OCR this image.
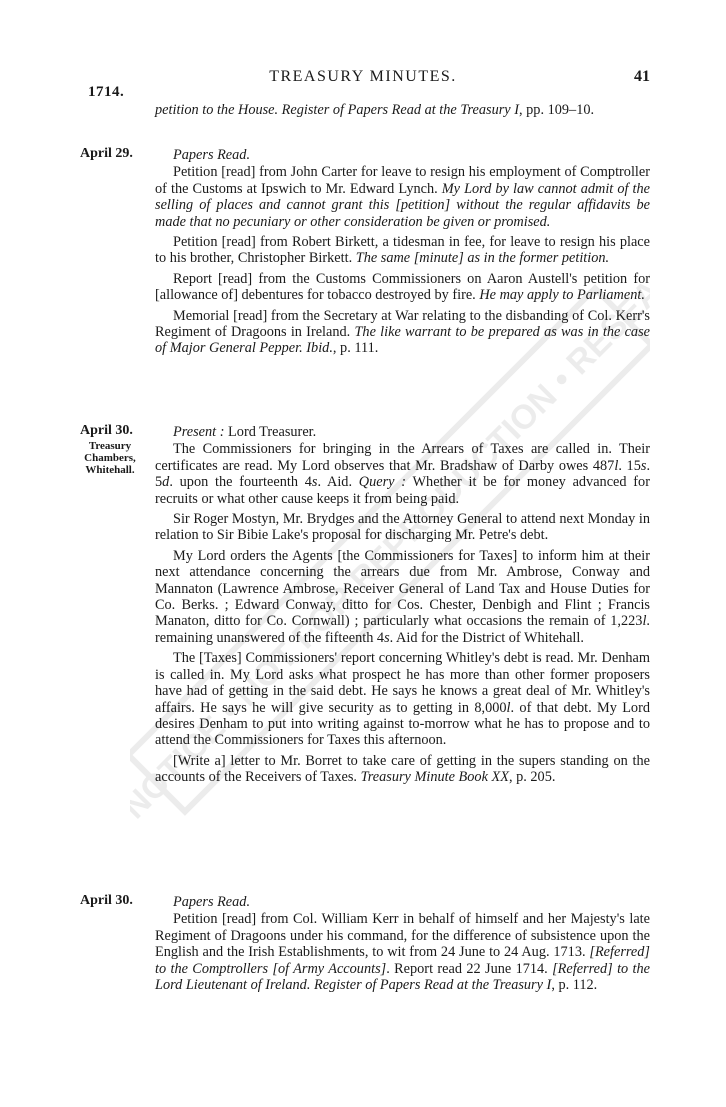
ENT NOTICE • NOT FOR REPRODUCTION • RESEARCH
1714.
TREASURY MINUTES.	41

petition to the House. Register of Papers Read at the Treasury I, pp. 109–10.

April 29.	Papers Read.

Petition [read] from John Carter for leave to resign his employment of Comptroller of the Customs at Ipswich to Mr. Edward Lynch. My Lord by law cannot admit of the selling of places and cannot grant this [petition] without the regular affidavits be made that no pecuniary or other consideration be given or promised.

Petition [read] from Robert Birkett, a tidesman in fee, for leave to resign his place to his brother, Christopher Birkett. The same [minute] as in the former petition.

Report [read] from the Customs Commissioners on Aaron Austell's petition for [allowance of] debentures for tobacco destroyed by fire. He may apply to Parliament.

Memorial [read] from the Secretary at War relating to the disbanding of Col. Kerr's Regiment of Dragoons in Ireland. The like warrant to be prepared as was in the case of Major General Pepper. Ibid., p. 111.

April 30.
Treasury Chambers, Whitehall.

Present : Lord Treasurer.

The Commissioners for bringing in the Arrears of Taxes are called in. Their certificates are read. My Lord observes that Mr. Bradshaw of Darby owes 487l. 15s. 5d. upon the fourteenth 4s. Aid. Query : Whether it be for money advanced for recruits or what other cause keeps it from being paid.

Sir Roger Mostyn, Mr. Brydges and the Attorney General to attend next Monday in relation to Sir Bibie Lake's proposal for discharging Mr. Petre's debt.

My Lord orders the Agents [the Commissioners for Taxes] to inform him at their next attendance concerning the arrears due from Mr. Ambrose, Conway and Mannaton (Lawrence Ambrose, Receiver General of Land Tax and House Duties for Co. Berks. ; Edward Conway, ditto for Cos. Chester, Denbigh and Flint ; Francis Manaton, ditto for Co. Cornwall) ; particularly what occasions the remain of 1,223l. remaining unanswered of the fifteenth 4s. Aid for the District of Whitehall.

The [Taxes] Commissioners' report concerning Whitley's debt is read. Mr. Denham is called in. My Lord asks what prospect he has more than other former proposers have had of getting in the said debt. He says he knows a great deal of Mr. Whitley's affairs. He says he will give security as to getting in 8,000l. of that debt. My Lord desires Denham to put into writing against to-morrow what he has to propose and to attend the Commissioners for Taxes this afternoon.

[Write a] letter to Mr. Borret to take care of getting in the supers standing on the accounts of the Receivers of Taxes. Treasury Minute Book XX, p. 205.

April 30.	Papers Read.

Petition [read] from Col. William Kerr in behalf of himself and her Majesty's late Regiment of Dragoons under his command, for the difference of subsistence upon the English and the Irish Establishments, to wit from 24 June to 24 Aug. 1713. [Referred] to the Comptrollers [of Army Accounts]. Report read 22 June 1714. [Referred] to the Lord Lieutenant of Ireland. Register of Papers Read at the Treasury I, p. 112.
